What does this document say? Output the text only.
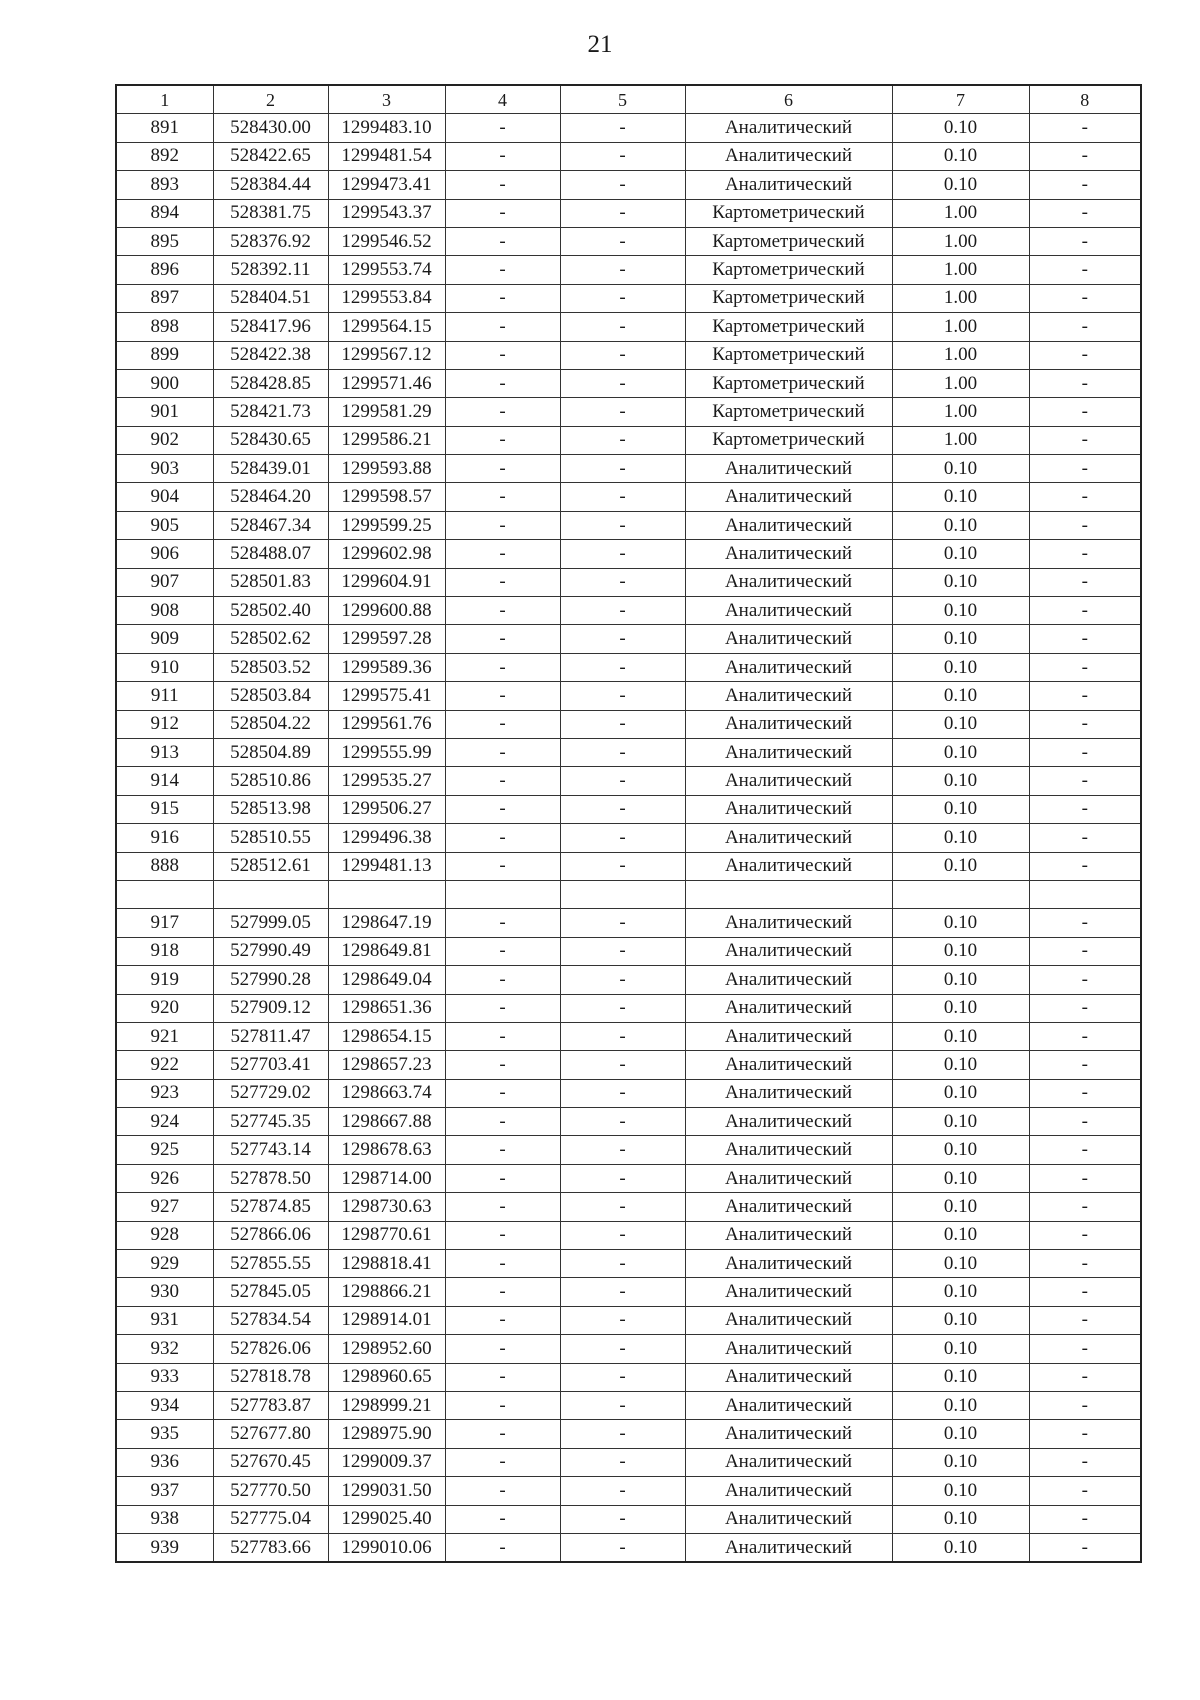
21
1	2	3	4	5	6	7	8
891	528430.00	1299483.10	-	-	Аналитический	0.10	-
892	528422.65	1299481.54	-	-	Аналитический	0.10	-
893	528384.44	1299473.41	-	-	Аналитический	0.10	-
894	528381.75	1299543.37	-	-	Картометрический	1.00	-
895	528376.92	1299546.52	-	-	Картометрический	1.00	-
896	528392.11	1299553.74	-	-	Картометрический	1.00	-
897	528404.51	1299553.84	-	-	Картометрический	1.00	-
898	528417.96	1299564.15	-	-	Картометрический	1.00	-
899	528422.38	1299567.12	-	-	Картометрический	1.00	-
900	528428.85	1299571.46	-	-	Картометрический	1.00	-
901	528421.73	1299581.29	-	-	Картометрический	1.00	-
902	528430.65	1299586.21	-	-	Картометрический	1.00	-
903	528439.01	1299593.88	-	-	Аналитический	0.10	-
904	528464.20	1299598.57	-	-	Аналитический	0.10	-
905	528467.34	1299599.25	-	-	Аналитический	0.10	-
906	528488.07	1299602.98	-	-	Аналитический	0.10	-
907	528501.83	1299604.91	-	-	Аналитический	0.10	-
908	528502.40	1299600.88	-	-	Аналитический	0.10	-
909	528502.62	1299597.28	-	-	Аналитический	0.10	-
910	528503.52	1299589.36	-	-	Аналитический	0.10	-
911	528503.84	1299575.41	-	-	Аналитический	0.10	-
912	528504.22	1299561.76	-	-	Аналитический	0.10	-
913	528504.89	1299555.99	-	-	Аналитический	0.10	-
914	528510.86	1299535.27	-	-	Аналитический	0.10	-
915	528513.98	1299506.27	-	-	Аналитический	0.10	-
916	528510.55	1299496.38	-	-	Аналитический	0.10	-
888	528512.61	1299481.13	-	-	Аналитический	0.10	-

917	527999.05	1298647.19	-	-	Аналитический	0.10	-
918	527990.49	1298649.81	-	-	Аналитический	0.10	-
919	527990.28	1298649.04	-	-	Аналитический	0.10	-
920	527909.12	1298651.36	-	-	Аналитический	0.10	-
921	527811.47	1298654.15	-	-	Аналитический	0.10	-
922	527703.41	1298657.23	-	-	Аналитический	0.10	-
923	527729.02	1298663.74	-	-	Аналитический	0.10	-
924	527745.35	1298667.88	-	-	Аналитический	0.10	-
925	527743.14	1298678.63	-	-	Аналитический	0.10	-
926	527878.50	1298714.00	-	-	Аналитический	0.10	-
927	527874.85	1298730.63	-	-	Аналитический	0.10	-
928	527866.06	1298770.61	-	-	Аналитический	0.10	-
929	527855.55	1298818.41	-	-	Аналитический	0.10	-
930	527845.05	1298866.21	-	-	Аналитический	0.10	-
931	527834.54	1298914.01	-	-	Аналитический	0.10	-
932	527826.06	1298952.60	-	-	Аналитический	0.10	-
933	527818.78	1298960.65	-	-	Аналитический	0.10	-
934	527783.87	1298999.21	-	-	Аналитический	0.10	-
935	527677.80	1298975.90	-	-	Аналитический	0.10	-
936	527670.45	1299009.37	-	-	Аналитический	0.10	-
937	527770.50	1299031.50	-	-	Аналитический	0.10	-
938	527775.04	1299025.40	-	-	Аналитический	0.10	-
939	527783.66	1299010.06	-	-	Аналитический	0.10	-
